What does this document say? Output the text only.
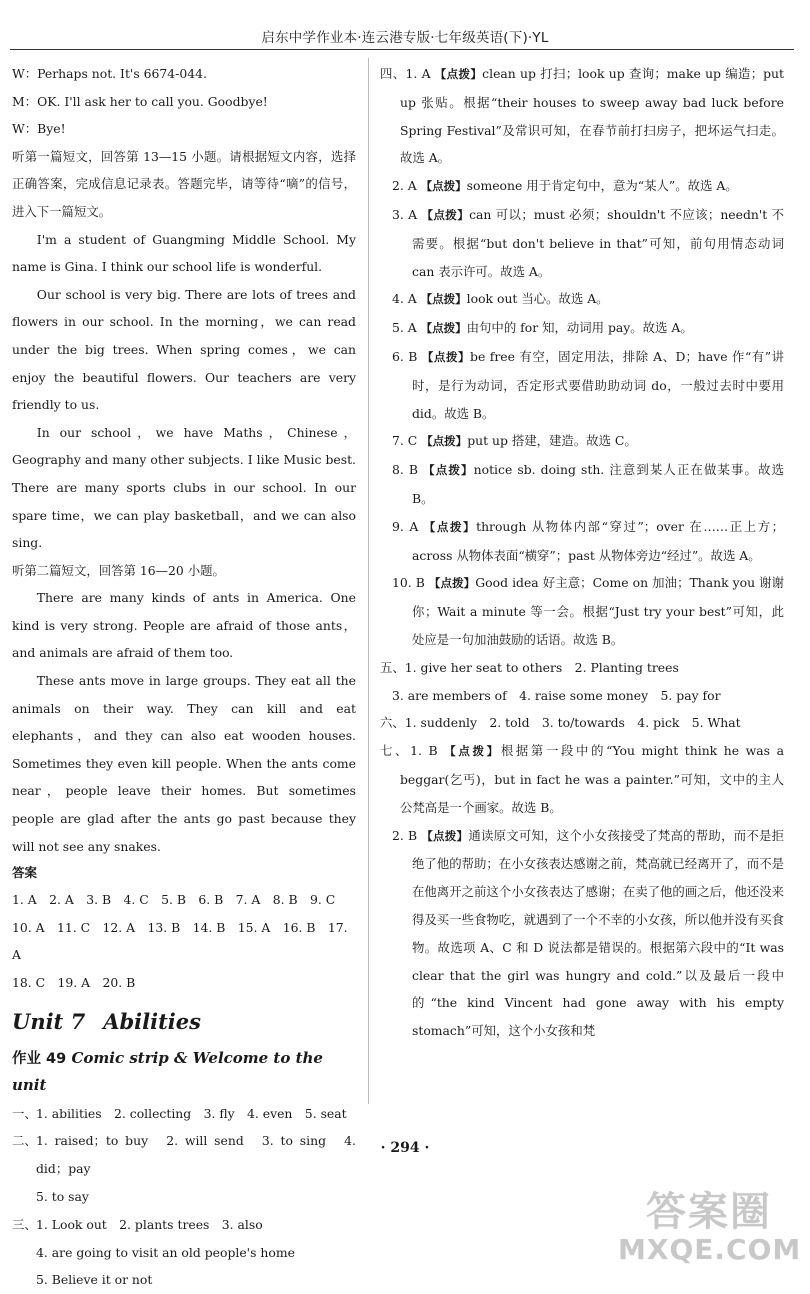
启东中学作业本·连云港专版·七年级英语(下)·YL

W：Perhaps not. It's 6674-044.

M：OK. I'll ask her to call you. Goodbye!

W：Bye!

听第一篇短文，回答第 13—15 小题。请根据短文内容，选择正确答案，完成信息记录表。答题完毕，请等待“嘀”的信号，进入下一篇短文。

I'm a student of Guangming Middle School. My name is Gina. I think our school life is wonderful.

Our school is very big. There are lots of trees and flowers in our school. In the morning，we can read under the big trees. When spring comes，we can enjoy the beautiful flowers. Our teachers are very friendly to us.

In our school，we have Maths，Chinese，Geography and many other subjects. I like Music best. There are many sports clubs in our school. In our spare time，we can play basketball，and we can also sing.

听第二篇短文，回答第 16—20 小题。

There are many kinds of ants in America. One kind is very strong. People are afraid of those ants，and animals are afraid of them too.

These ants move in large groups. They eat all the animals on their way. They can kill and eat elephants，and they can also eat wooden houses. Sometimes they even kill people. When the ants come near，people leave their homes. But sometimes people are glad after the ants go past because they will not see any snakes.

答案

1. A　2. A　3. B　4. C　5. B　6. B　7. A　8. B　9. C

10. A　11. C　12. A　13. B　14. B　15. A　16. B　17. A

18. C　19. A　20. B

Unit 7 Abilities
作业 49 Comic strip & Welcome to the unit
一、 1. abilities　2. collecting　3. fly　4. even　5. seat
二、 1. raised；to buy　2. will send　3. to sing　4. did；pay
5. to say
三、 1. Look out　2. plants trees　3. also
4. are going to visit an old people's home
5. Believe it or not
四、1. A 【点拨】clean up 打扫；look up 查询；make up 编造；put up 张贴。根据“their houses to sweep away bad luck before Spring Festival”及常识可知，在春节前打扫房子，把坏运气扫走。故选 A。
2. A 【点拨】someone 用于肯定句中，意为“某人”。故选 A。
3. A 【点拨】can 可以；must 必须；shouldn't 不应该；needn't 不需要。根据“but don't believe in that”可知，前句用情态动词 can 表示许可。故选 A。
4. A 【点拨】look out 当心。故选 A。
5. A 【点拨】由句中的 for 知，动词用 pay。故选 A。
6. B 【点拨】be free 有空，固定用法，排除 A、D；have 作“有”讲时，是行为动词，否定形式要借助助动词 do，一般过去时中要用 did。故选 B。
7. C 【点拨】put up 搭建，建造。故选 C。
8. B 【点拨】notice sb. doing sth. 注意到某人正在做某事。故选 B。
9. A 【点拨】through 从物体内部“穿过”；over 在……正上方；across 从物体表面“横穿”；past 从物体旁边“经过”。故选 A。
10. B 【点拨】Good idea 好主意；Come on 加油；Thank you 谢谢你；Wait a minute 等一会。根据“Just try your best”可知，此处应是一句加油鼓励的话语。故选 B。
五、1. give her seat to others　2. Planting trees
3. are members of　4. raise some money　5. pay for
六、1. suddenly　2. told　3. to/towards　4. pick　5. What
七、1. B 【点拨】根据第一段中的“You might think he was a beggar(乞丐)，but in fact he was a painter.”可知，文中的主人公梵高是一个画家。故选 B。
2. B 【点拨】通读原文可知，这个小女孩接受了梵高的帮助，而不是拒绝了他的帮助；在小女孩表达感谢之前，梵高就已经离开了，而不是在他离开之前这个小女孩表达了感谢；在卖了他的画之后，他还没来得及买一些食物吃，就遇到了一个不幸的小女孩，所以他并没有买食物。故选项 A、C 和 D 说法都是错误的。根据第六段中的“It was clear that the girl was hungry and cold.”以及最后一段中的“the kind Vincent had gone away with his empty stomach”可知，这个小女孩和梵
· 294 ·
答案圈
MXQE.COM
